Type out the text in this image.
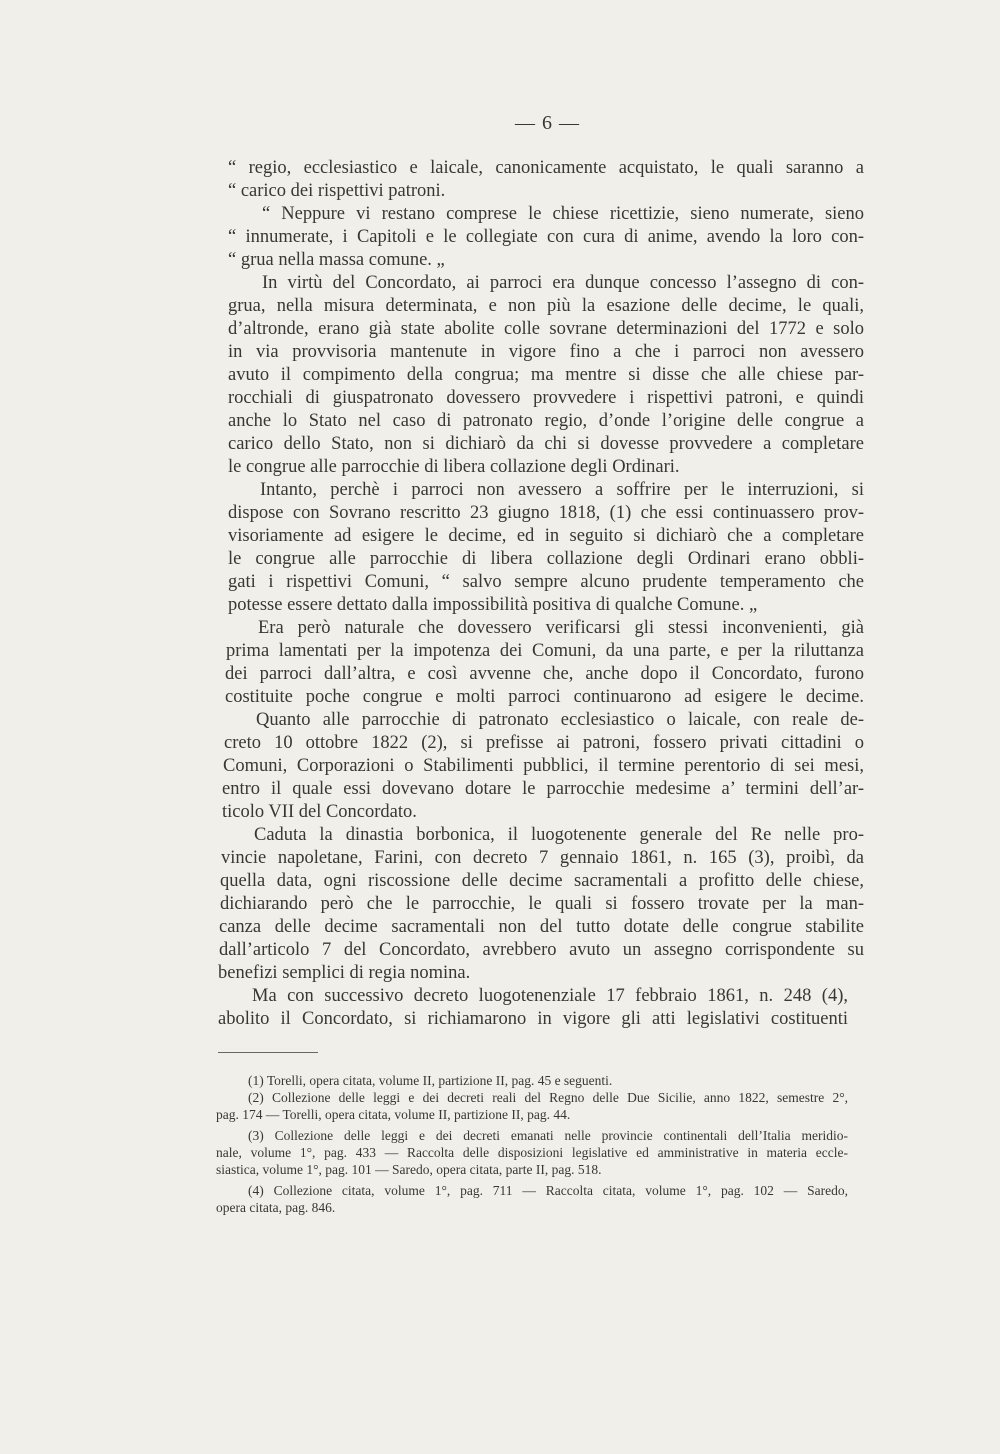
— 6 —
“ regio, ecclesiastico e laicale, canonicamente acquistato, le quali saranno a
“ carico dei rispettivi patroni.
“ Neppure vi restano comprese le chiese ricettizie, sieno numerate, sieno
“ innumerate, i Capitoli e le collegiate con cura di anime, avendo la loro con-
“ grua nella massa comune. „
In virtù del Concordato, ai parroci era dunque concesso l’assegno di con-
grua, nella misura determinata, e non più la esazione delle decime, le quali,
d’altronde, erano già state abolite colle sovrane determinazioni del 1772 e solo
in via provvisoria mantenute in vigore fino a che i parroci non avessero
avuto il compimento della congrua; ma mentre si disse che alle chiese par-
rocchiali di giuspatronato dovessero provvedere i rispettivi patroni, e quindi
anche lo Stato nel caso di patronato regio, d’onde l’origine delle congrue a
carico dello Stato, non si dichiarò da chi si dovesse provvedere a completare
le congrue alle parrocchie di libera collazione degli Ordinari.
Intanto, perchè i parroci non avessero a soffrire per le interruzioni, si
dispose con Sovrano rescritto 23 giugno 1818, (1) che essi continuassero prov-
visoriamente ad esigere le decime, ed in seguito si dichiarò che a completare
le congrue alle parrocchie di libera collazione degli Ordinari erano obbli-
gati i rispettivi Comuni, “ salvo sempre alcuno prudente temperamento che
potesse essere dettato dalla impossibilità positiva di qualche Comune. „
Era però naturale che dovessero verificarsi gli stessi inconvenienti, già
prima lamentati per la impotenza dei Comuni, da una parte, e per la riluttanza
dei parroci dall’altra, e così avvenne che, anche dopo il Concordato, furono
costituite poche congrue e molti parroci continuarono ad esigere le decime.
Quanto alle parrocchie di patronato ecclesiastico o laicale, con reale de-
creto 10 ottobre 1822 (2), si prefisse ai patroni, fossero privati cittadini o
Comuni, Corporazioni o Stabilimenti pubblici, il termine perentorio di sei mesi,
entro il quale essi dovevano dotare le parrocchie medesime a’ termini dell’ar-
ticolo VII del Concordato.
Caduta la dinastia borbonica, il luogotenente generale del Re nelle pro-
vincie napoletane, Farini, con decreto 7 gennaio 1861, n. 165 (3), proibì, da
quella data, ogni riscossione delle decime sacramentali a profitto delle chiese,
dichiarando però che le parrocchie, le quali si fossero trovate per la man-
canza delle decime sacramentali non del tutto dotate delle congrue stabilite
dall’articolo 7 del Concordato, avrebbero avuto un assegno corrispondente su
benefizi semplici di regia nomina.
Ma con successivo decreto luogotenenziale 17 febbraio 1861, n. 248 (4),
abolito il Concordato, si richiamarono in vigore gli atti legislativi costituenti
(1) Torelli, opera citata, volume II, partizione II, pag. 45 e seguenti.
(2) Collezione delle leggi e dei decreti reali del Regno delle Due Sicilie, anno 1822, semestre 2°,
pag. 174 — Torelli, opera citata, volume II, partizione II, pag. 44.
(3) Collezione delle leggi e dei decreti emanati nelle provincie continentali dell’Italia meridio-
nale, volume 1°, pag. 433 — Raccolta delle disposizioni legislative ed amministrative in materia eccle-
siastica, volume 1°, pag. 101 — Saredo, opera citata, parte II, pag. 518.
(4) Collezione citata, volume 1°, pag. 711 — Raccolta citata, volume 1°, pag. 102 — Saredo,
opera citata, pag. 846.
